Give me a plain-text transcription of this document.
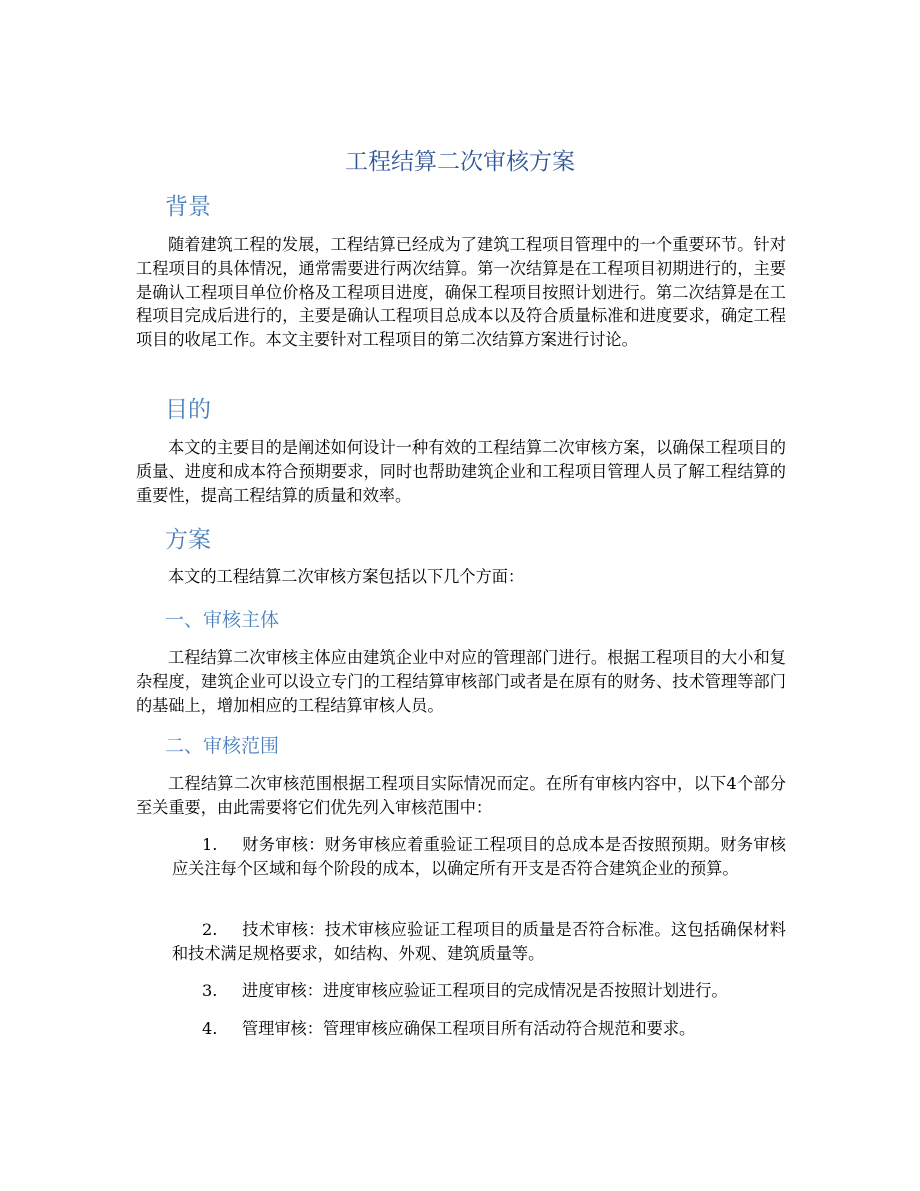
工程结算二次审核方案
背景
随着建筑工程的发展，工程结算已经成为了建筑工程项目管理中的一个重要环节。针对工程项目的具体情况，通常需要进行两次结算。第一次结算是在工程项目初期进行的，主要是确认工程项目单位价格及工程项目进度，确保工程项目按照计划进行。第二次结算是在工程项目完成后进行的，主要是确认工程项目总成本以及符合质量标准和进度要求，确定工程项目的收尾工作。本文主要针对工程项目的第二次结算方案进行讨论。
目的
本文的主要目的是阐述如何设计一种有效的工程结算二次审核方案，以确保工程项目的质量、进度和成本符合预期要求，同时也帮助建筑企业和工程项目管理人员了解工程结算的重要性，提高工程结算的质量和效率。
方案
本文的工程结算二次审核方案包括以下几个方面：
一、审核主体
工程结算二次审核主体应由建筑企业中对应的管理部门进行。根据工程项目的大小和复杂程度，建筑企业可以设立专门的工程结算审核部门或者是在原有的财务、技术管理等部门的基础上，增加相应的工程结算审核人员。
二、审核范围
工程结算二次审核范围根据工程项目实际情况而定。在所有审核内容中，以下4个部分至关重要，由此需要将它们优先列入审核范围中：
1. 财务审核：财务审核应着重验证工程项目的总成本是否按照预期。财务审核应关注每个区域和每个阶段的成本，以确定所有开支是否符合建筑企业的预算。
2. 技术审核：技术审核应验证工程项目的质量是否符合标准。这包括确保材料和技术满足规格要求，如结构、外观、建筑质量等。
3. 进度审核：进度审核应验证工程项目的完成情况是否按照计划进行。
4. 管理审核：管理审核应确保工程项目所有活动符合规范和要求。
